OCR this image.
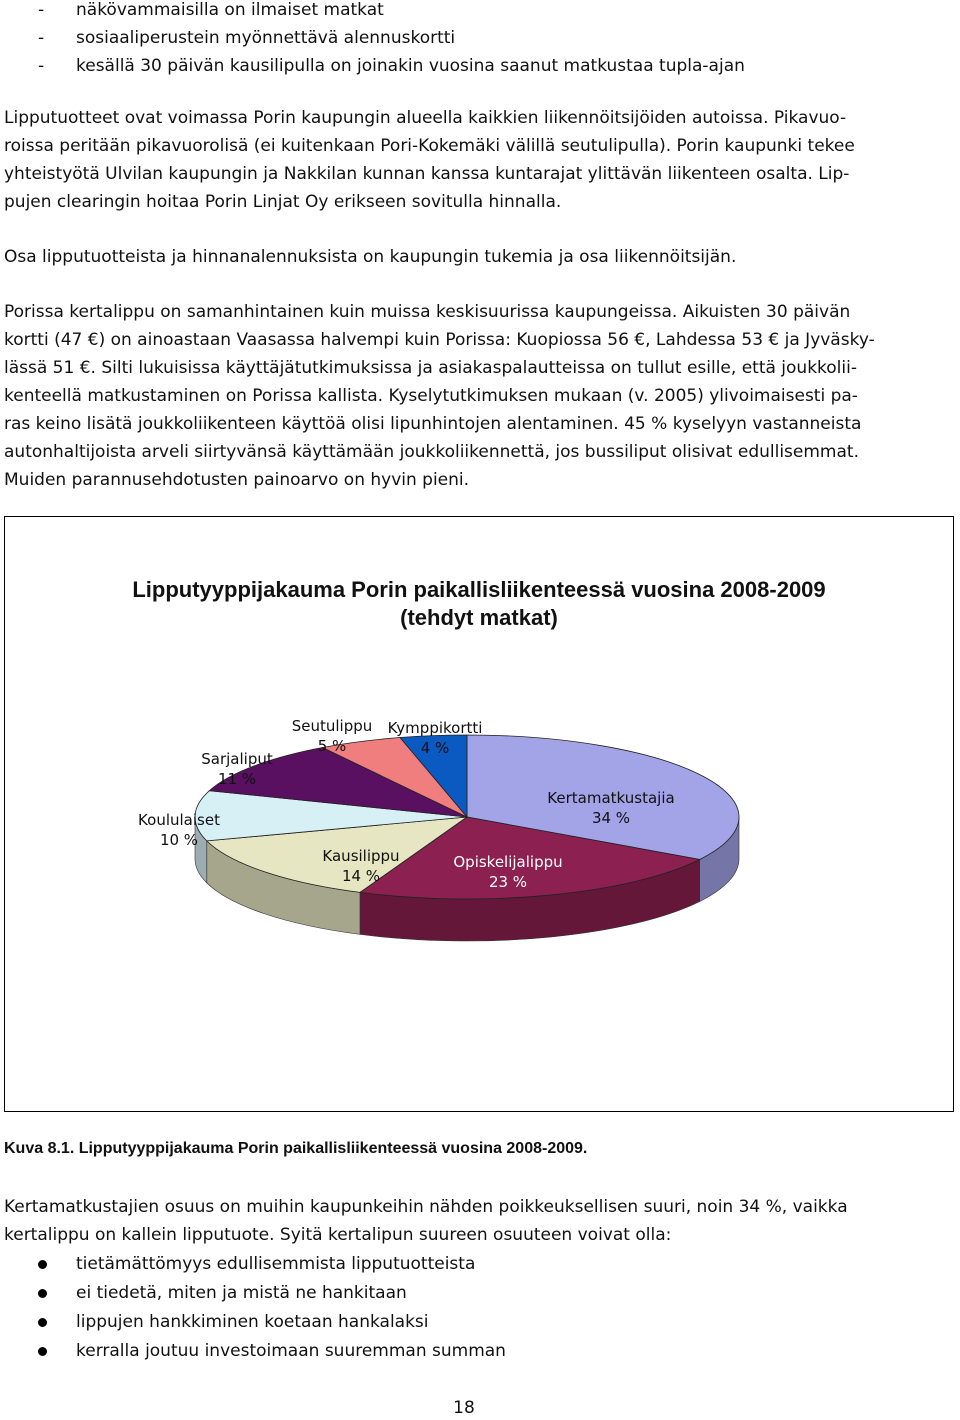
- näkövammaisilla on ilmaiset matkat
- sosiaaliperustein myönnettävä alennuskortti
- kesällä 30 päivän kausilipulla on joinakin vuosina saanut matkustaa tupla-ajan
Lipputuotteet ovat voimassa Porin kaupungin alueella kaikkien liikennöitsijöiden autoissa. Pikavuo-
roissa peritään pikavuorolisä (ei kuitenkaan Pori-Kokemäki välillä seutulipulla). Porin kaupunki tekee
yhteistyötä Ulvilan kaupungin ja Nakkilan kunnan kanssa kuntarajat ylittävän liikenteen osalta. Lip-
pujen clearingin hoitaa Porin Linjat Oy erikseen sovitulla hinnalla.
Osa lipputuotteista ja hinnanalennuksista on kaupungin tukemia ja osa liikennöitsijän.
Porissa kertalippu on samanhintainen kuin muissa keskisuurissa kaupungeissa. Aikuisten 30 päivän
kortti (47 €) on ainoastaan Vaasassa halvempi kuin Porissa: Kuopiossa 56 €, Lahdessa 53 € ja Jyväsky-
lässä 51 €. Silti lukuisissa käyttäjätutkimuksissa ja asiakaspalautteissa on tullut esille, että joukkolii-
kenteellä matkustaminen on Porissa kallista. Kyselytutkimuksen mukaan (v. 2005) ylivoimaisesti pa-
ras keino lisätä joukkoliikenteen käyttöä olisi lipunhintojen alentaminen. 45 % kyselyyn vastanneista
autonhaltijoista arveli siirtyvänsä käyttämään joukkoliikennettä, jos bussiliput olisivat edullisemmat.
Muiden parannusehdotusten painoarvo on hyvin pieni.
Lipputyyppijakauma Porin paikallisliikenteessä vuosina 2008-2009
(tehdyt matkat)
Kertamatkustajia
34 %
Opiskelijalippu
23 %
Kausilippu
14 %
Koululaiset
10 %
Sarjaliput
11 %
Seutulippu
5 %
Kymppikortti
4 %
Kuva 8.1. Lipputyyppijakauma Porin paikallisliikenteessä vuosina 2008-2009.
Kertamatkustajien osuus on muihin kaupunkeihin nähden poikkeuksellisen suuri, noin 34 %, vaikka
kertalippu on kallein lipputuote. Syitä kertalipun suureen osuuteen voivat olla:
tietämättömyys edullisemmista lipputuotteista
ei tiedetä, miten ja mistä ne hankitaan
lippujen hankkiminen koetaan hankalaksi
kerralla joutuu investoimaan suuremman summan
18
